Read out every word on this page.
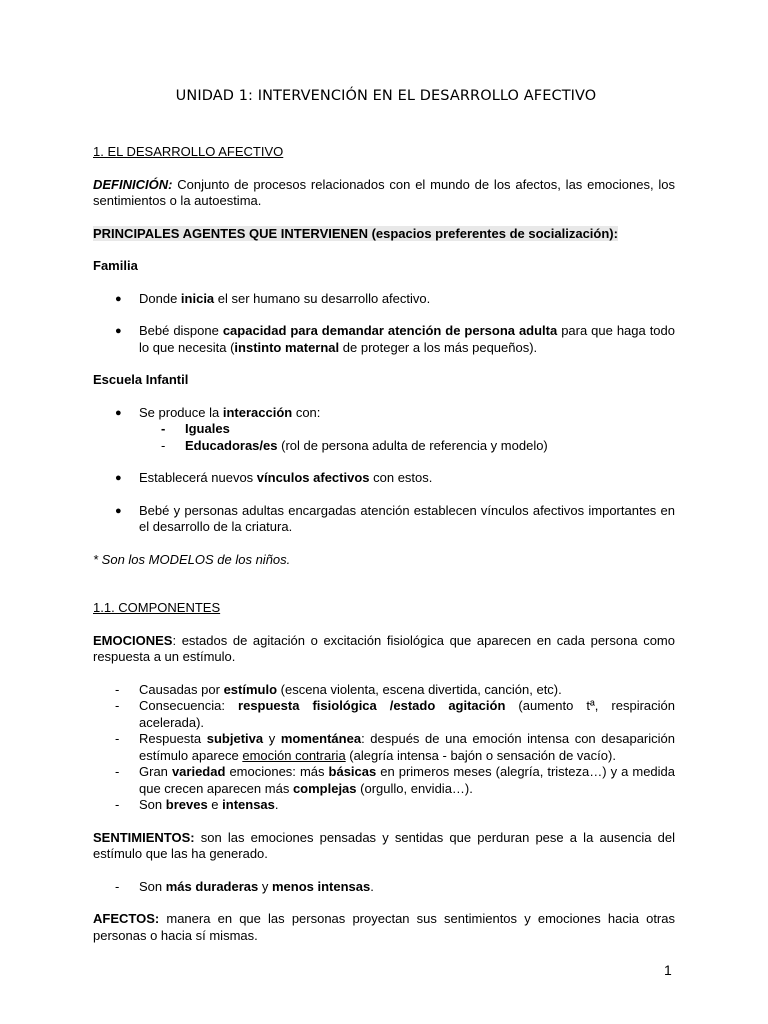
UNIDAD 1: INTERVENCIÓN EN EL DESARROLLO AFECTIVO
1. EL DESARROLLO AFECTIVO

DEFINICIÓN: Conjunto de procesos relacionados con el mundo de los afectos, las emociones, los sentimientos o la autoestima.

PRINCIPALES AGENTES QUE INTERVIENEN (espacios preferentes de socialización):

Familia
● Donde inicia el ser humano su desarrollo afectivo.
● Bebé dispone capacidad para demandar atención de persona adulta para que haga todo lo que necesita (instinto maternal de proteger a los más pequeños).
Escuela Infantil
● Se produce la interacción con:
- Iguales
- Educadoras/es (rol de persona adulta de referencia y modelo)
● Establecerá nuevos vínculos afectivos con estos.
● Bebé y personas adultas encargadas atención establecen vínculos afectivos importantes en el desarrollo de la criatura.
* Son los MODELOS de los niños.
1.1. COMPONENTES

EMOCIONES: estados de agitación o excitación fisiológica que aparecen en cada persona como respuesta a un estímulo.

- Causadas por estímulo (escena violenta, escena divertida, canción, etc).
- Consecuencia: respuesta fisiológica /estado agitación (aumento tª, respiración acelerada).
- Respuesta subjetiva y momentánea: después de una emoción intensa con desaparición estímulo aparece emoción contraria (alegría intensa - bajón o sensación de vacío).
- Gran variedad emociones: más básicas en primeros meses (alegría, tristeza…) y a medida que crecen aparecen más complejas (orgullo, envidia…).
- Son breves e intensas.

SENTIMIENTOS: son las emociones pensadas y sentidas que perduran pese a la ausencia del estímulo que las ha generado.

- Son más duraderas y menos intensas.

AFECTOS: manera en que las personas proyectan sus sentimientos y emociones hacia otras personas o hacia sí mismas.

1
